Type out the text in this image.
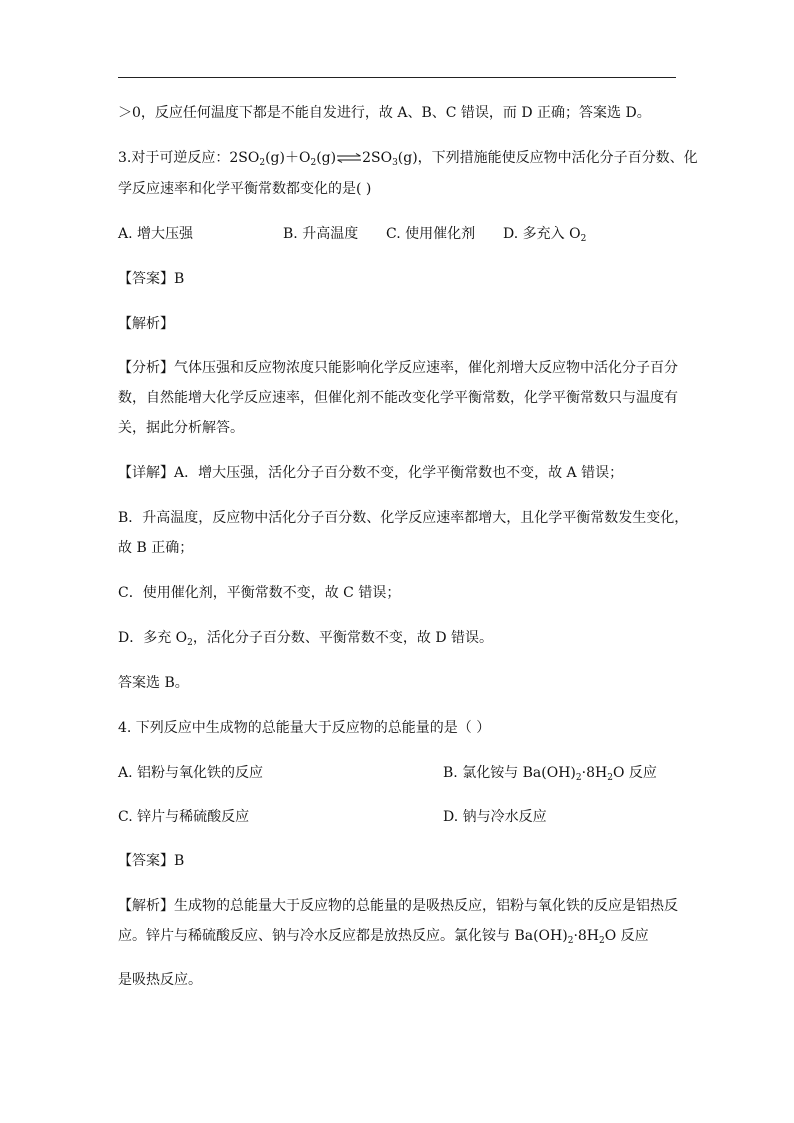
＞0，反应任何温度下都是不能自发进行，故 A、B、C 错误，而 D 正确；答案选 D。
3.对于可逆反应：$2SO_2(g)+O_2(g)\rightleftharpoons 2SO_3(g)$，下列措施能使反应物中活化分子百分数、化
学反应速率和化学平衡常数都变化的是( )
A. 增大压强	B. 升高温度 C. 使用催化剂 D. 多充入 $O_2$
【答案】B
【解析】
【分析】气体压强和反应物浓度只能影响化学反应速率，催化剂增大反应物中活化分子百分
数，自然能增大化学反应速率，但催化剂不能改变化学平衡常数，化学平衡常数只与温度有
关，据此分析解答。
【详解】A．增大压强，活化分子百分数不变，化学平衡常数也不变，故 A 错误；
B．升高温度，反应物中活化分子百分数、化学反应速率都增大，且化学平衡常数发生变化，
故 B 正确；
C．使用催化剂，平衡常数不变，故 C 错误；
D．多充 $O_2$，活化分子百分数、平衡常数不变，故 D 错误。
答案选 B。
4. 下列反应中生成物的总能量大于反应物的总能量的是（ ）
A. 铝粉与氧化铁的反应	B. 氯化铵与 $Ba(OH)_2\cdot 8H_2O$ 反应
C. 锌片与稀硫酸反应	D. 钠与冷水反应
【答案】B
【解析】生成物的总能量大于反应物的总能量的是吸热反应，铝粉与氧化铁的反应是铝热反
应。锌片与稀硫酸反应、钠与冷水反应都是放热反应。氯化铵与 $Ba(OH)_2\cdot 8H_2O$ 反应
是吸热反应。
